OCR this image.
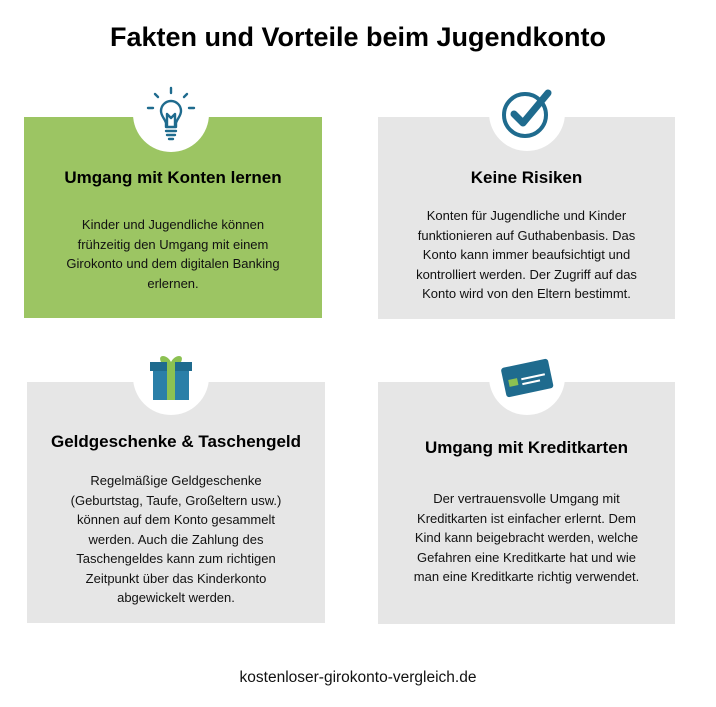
Fakten und Vorteile beim Jugendkonto
Umgang mit Konten lernen

Kinder und Jugendliche können frühzeitig den Umgang mit einem Girokonto und dem digitalen Banking erlernen.

Keine Risiken

Konten für Jugendliche und Kinder funktionieren auf Guthabenbasis. Das Konto kann immer beaufsichtigt und kontrolliert werden. Der Zugriff auf das Konto wird von den Eltern bestimmt.

Geldgeschenke & Taschengeld

Regelmäßige Geldgeschenke (Geburtstag, Taufe, Großeltern usw.) können auf dem Konto gesammelt werden. Auch die Zahlung des Taschengeldes kann zum richtigen Zeitpunkt über das Kinderkonto abgewickelt werden.

Umgang mit Kreditkarten

Der vertrauensvolle Umgang mit Kreditkarten ist einfacher erlernt. Dem Kind kann beigebracht werden, welche Gefahren eine Kreditkarte hat und wie man eine Kreditkarte richtig verwendet.

kostenloser-girokonto-vergleich.de
